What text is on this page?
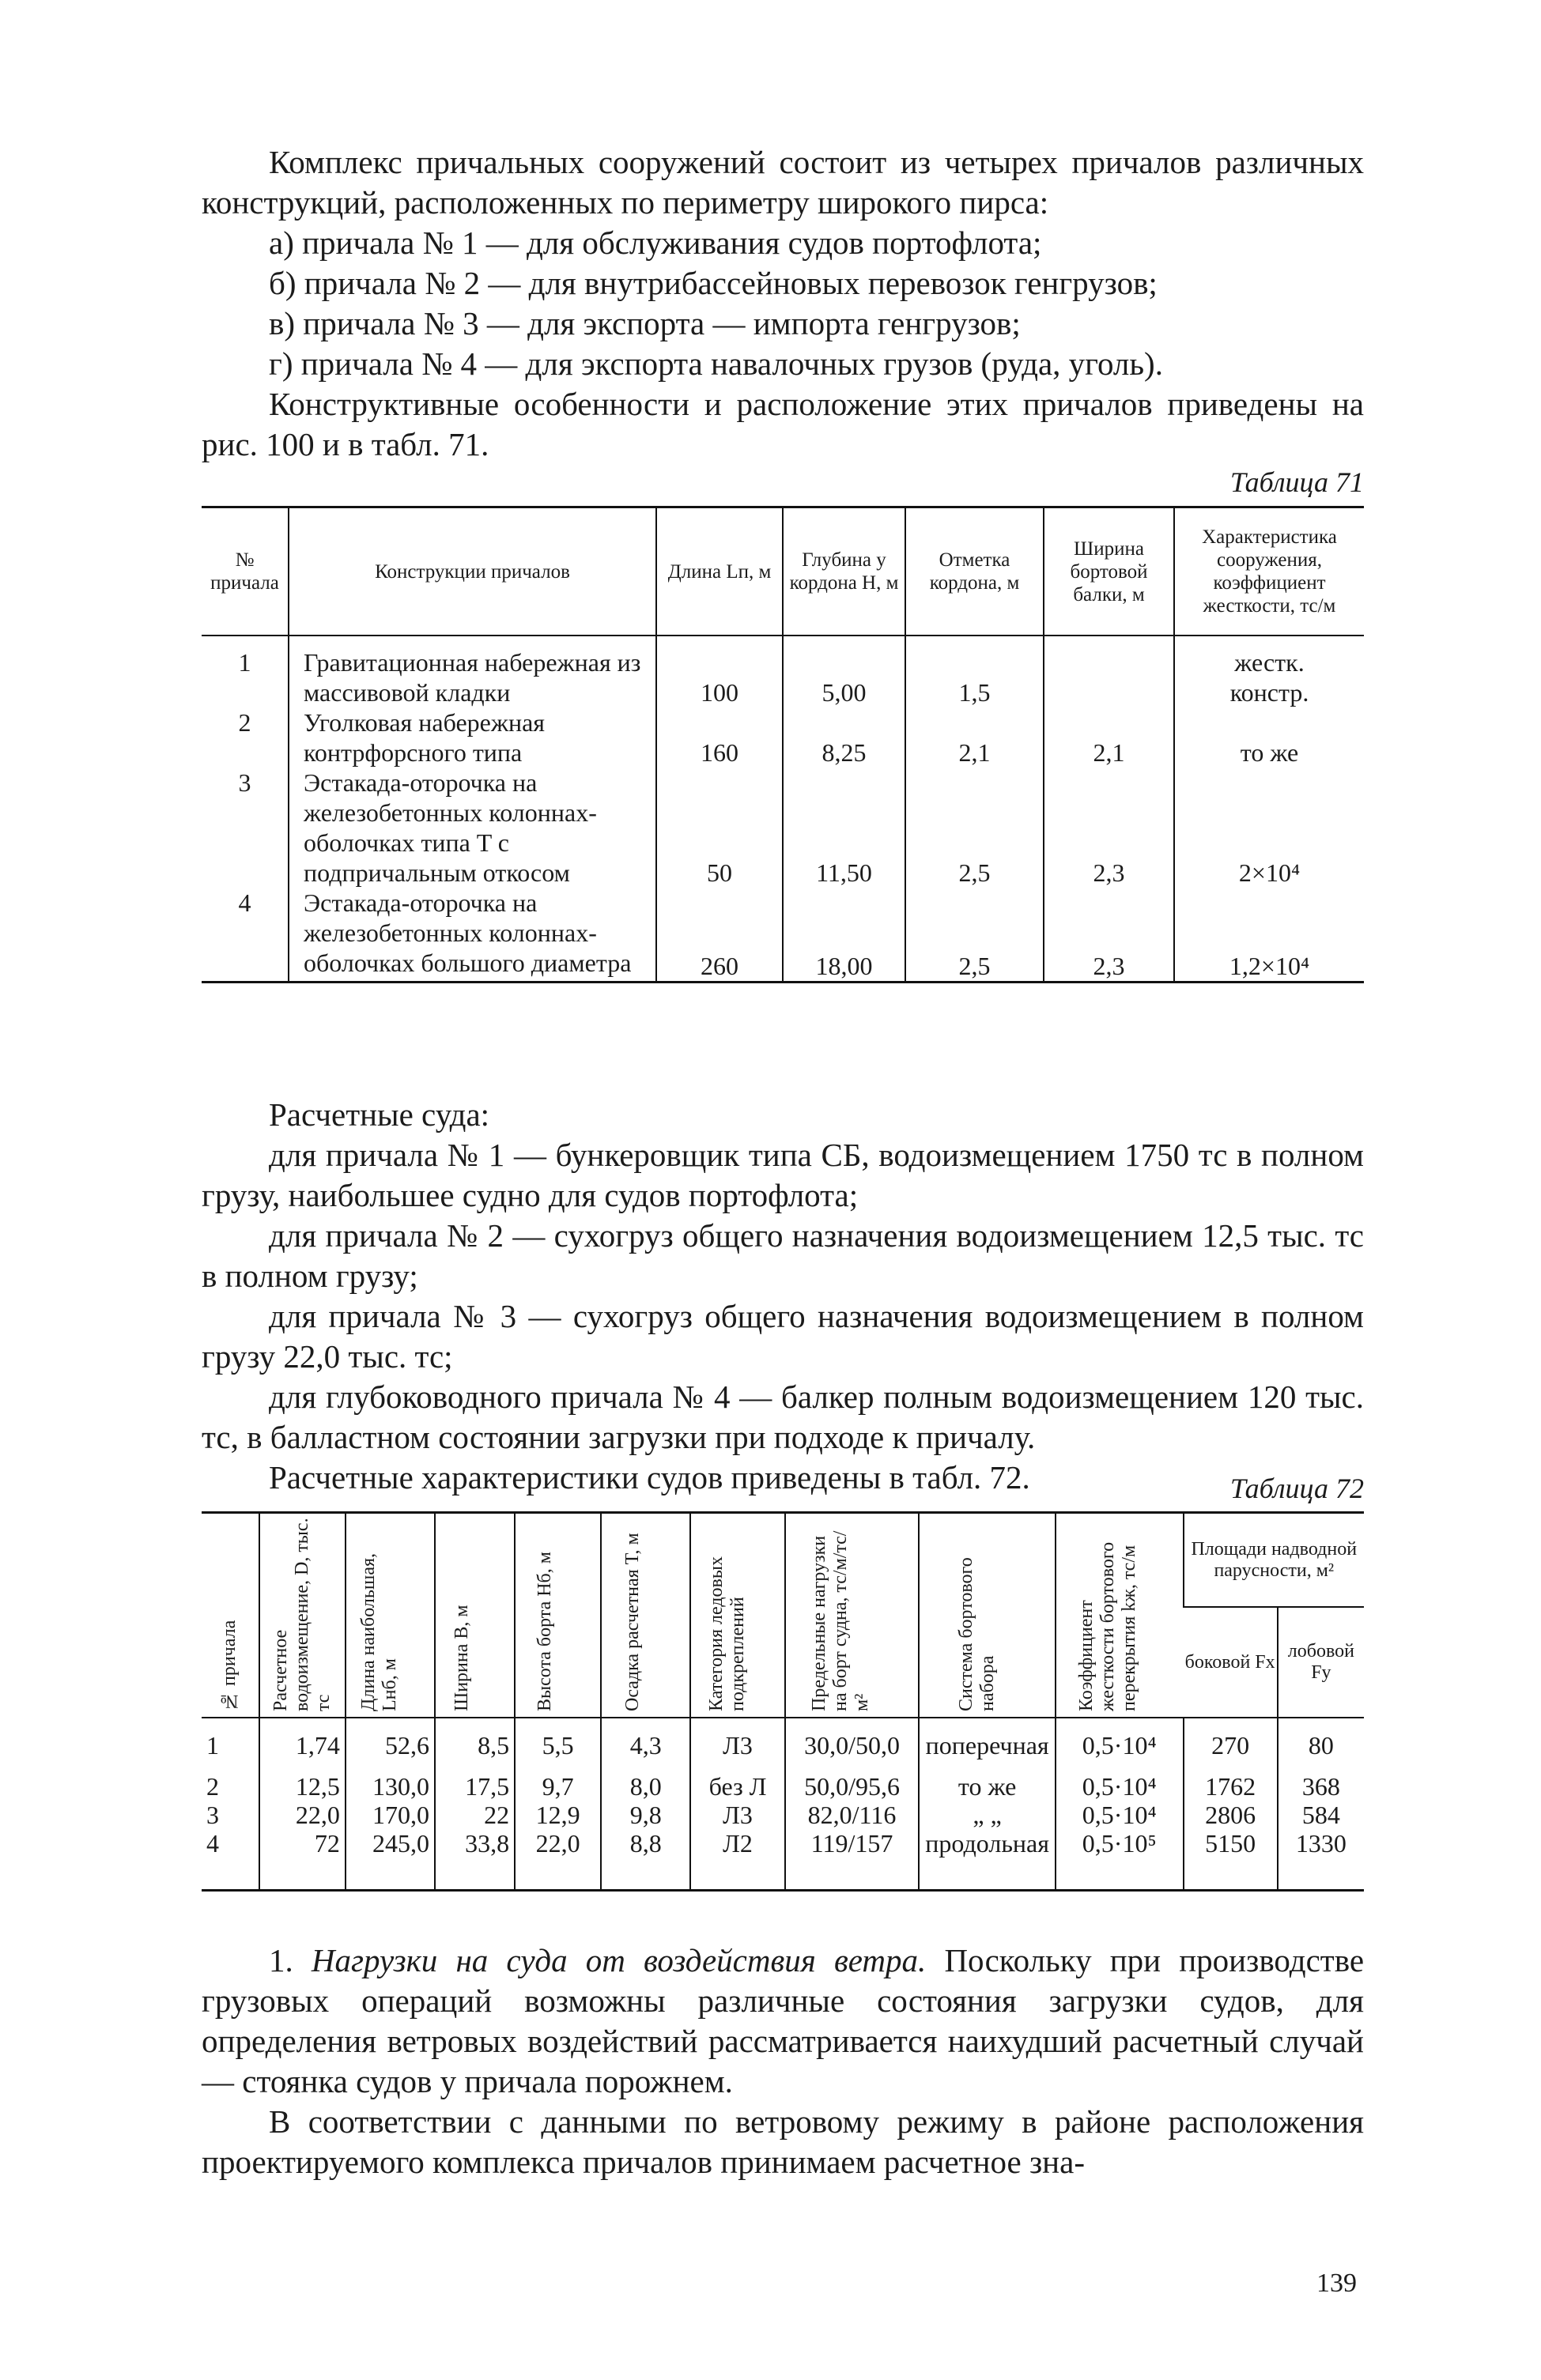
Комплекс причальных сооружений состоит из четырех причалов различных конструкций, расположенных по периметру широкого пирса:

а) причала № 1 — для обслуживания судов портофлота;

б) причала № 2 — для внутрибассейновых перевозок генгрузов;

в) причала № 3 — для экспорта — импорта генгрузов;

г) причала № 4 — для экспорта навалочных грузов (руда, уголь).

Конструктивные особенности и расположение этих причалов приведены на рис. 100 и в табл. 71.

Таблица 71

№ причала	Конструкции причалов	Длина Lп, м	Глубина у кордона H, м	Отметка кордона, м	Ширина бортовой балки, м	Характеристика сооружения, коэффициент жесткости, тс/м
1	Гравитационная набережная из массивовой кладки	100	5,00	1,5		жестк. констр.
2	Уголковая набережная контрфорсного типа	160	8,25	2,1	2,1	то же
3	Эстакада-оторочка на железобетонных колоннах-оболочках типа T с подпричальным откосом	50	11,50	2,5	2,3	2×10⁴
4	Эстакада-оторочка на железобетонных колоннах-оболочках большого диаметра	260	18,00	2,5	2,3	1,2×10⁴

Расчетные суда:

для причала № 1 — бункеровщик типа СБ, водоизмещением 1750 тс в полном грузу, наибольшее судно для судов портофлота;

для причала № 2 — сухогруз общего назначения водоизмещением 12,5 тыс. тс в полном грузу;

для причала № 3 — сухогруз общего назначения водоизмещением в полном грузу 22,0 тыс. тс;

для глубоководного причала № 4 — балкер полным водоизмещением 120 тыс. тс, в балластном состоянии загрузки при подходе к причалу.

Расчетные характеристики судов приведены в табл. 72.	Таблица 72

№ причала	Расчетное водоизмещение, D, тыс. тс	Длина наибольшая, Lнб, м	Ширина B, м	Высота борта Hб, м	Осадка расчетная T, м	Категория ледовых подкреплений	Предельные нагрузки на борт судна, тс/м/тс/м²	Система бортового набора	Коэффициент жесткости бортового перекрытия kж, тс/м	Площади надводной парусности, м²	
										боковой Fx	лобовой Fy
1	1,74	52,6	8,5	5,5	4,3	Л3	30,0/50,0	поперечная	0,5·10⁴	270	80
2	12,5	130,0	17,5	9,7	8,0	без Л	50,0/95,6	то же	0,5·10⁴	1762	368
3	22,0	170,0	22	12,9	9,8	Л3	82,0/116	„ „	0,5·10⁴	2806	584
4	72	245,0	33,8	22,0	8,8	Л2	119/157	продольная	0,5·10⁵	5150	1330

1. Нагрузки на суда от воздействия ветра. Поскольку при производстве грузовых операций возможны различные состояния загрузки судов, для определения ветровых воздействий рассматривается наихудший расчетный случай — стоянка судов у причала порожнем.

В соответствии с данными по ветровому режиму в районе расположения проектируемого комплекса причалов принимаем расчетное зна-

139
